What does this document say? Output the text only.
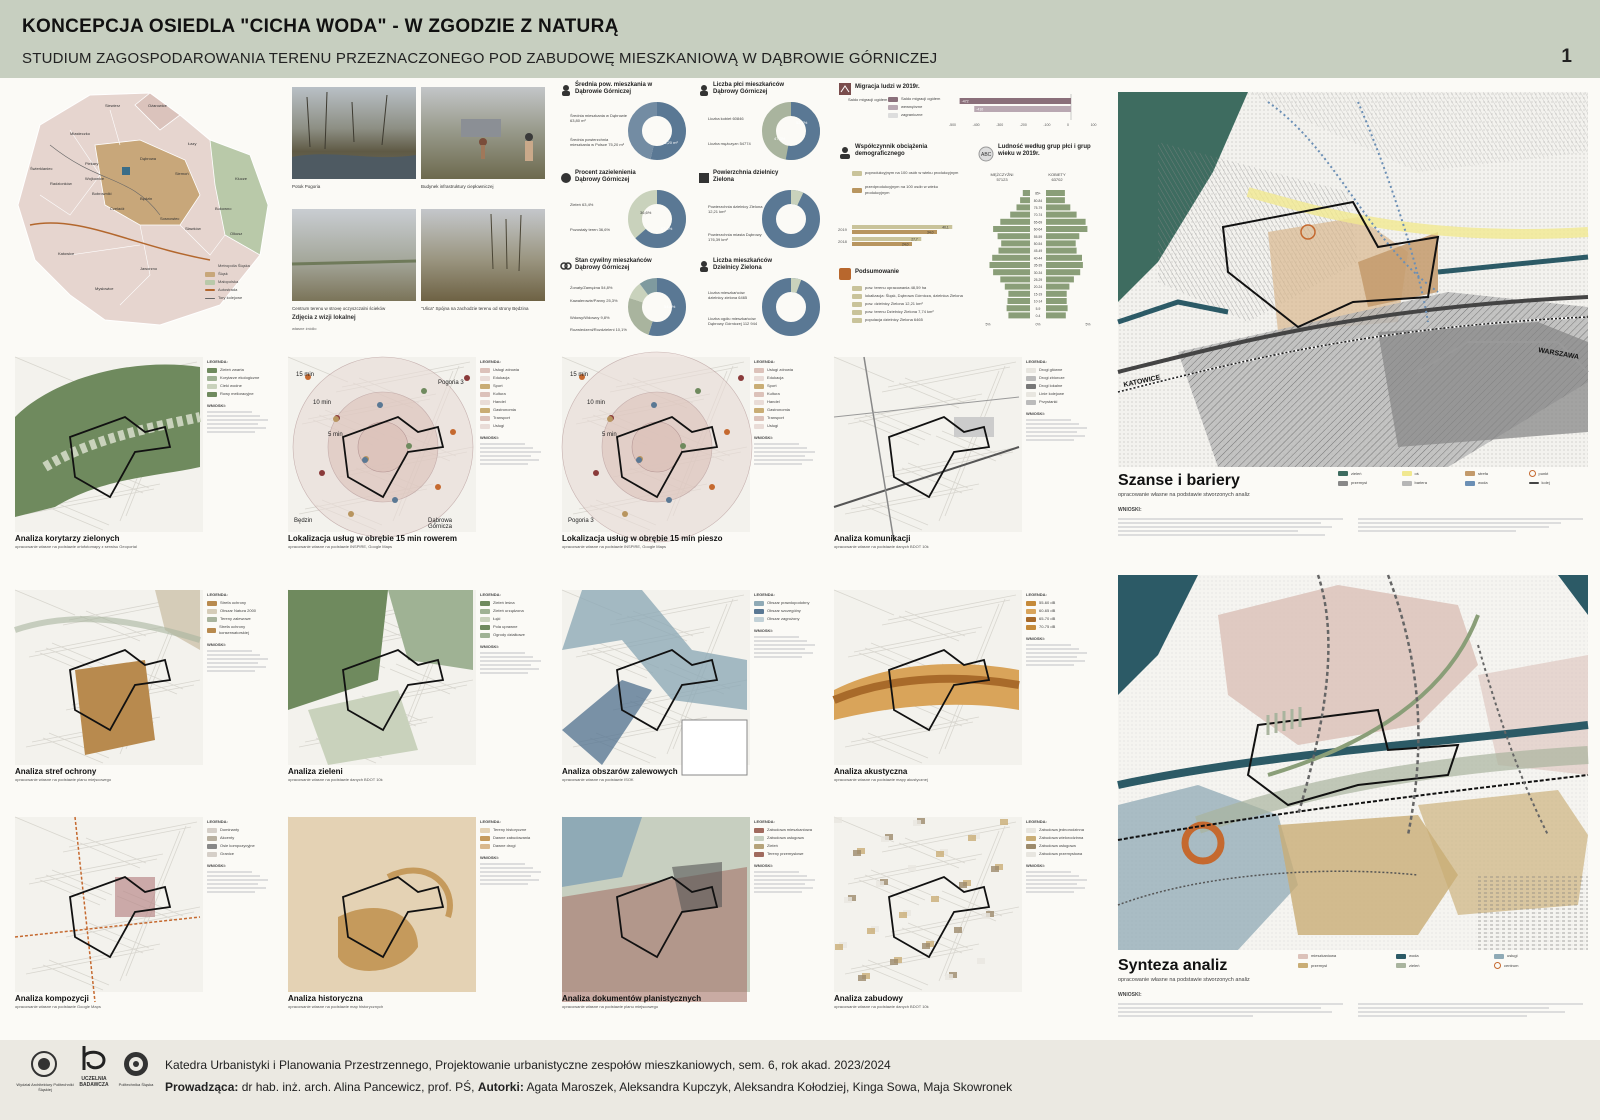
KONCEPCJA OSIEDLA "CICHA WODA" - W ZGODZIE Z NATURĄ
STUDIUM ZAGOSPODAROWANIA TERENU PRZEZNACZONEGO POD ZABUDOWĘ MIESZKANIOWĄ W DĄBROWIE GÓRNICZEJ	1
Siewierz	Ożarowice
Miasteczko
Świerklaniec
Radzionków
Piekary
Wojkowice
Bobrowniki
Czeladź
Będzin
Dąbrowa
Sosnowiec
Katowice
Mysłowice
Jaworzno
Sławków
Bukowno
Olkusz
Klucze
Łazy
Siemoń
Metropolia Śląska
Śląsk
Małopolska
Autostrada
Tory kolejowe
Potok Pogoria	Budynek infrastruktury ciepłowniczej
Centrum terenu w strонę oczyszczalni ścieków	"Ulica" Spójna na zachodzie terenu od strony Będzina
Zdjęcia z wizji lokalnej
własne źródło
Średnia pow. mieszkania w Dąbrowie Górniczej
Średnia mieszkania w Dąbrowie 63,80 m²
Średnia powierzchnia mieszkania w Polsce 75,20 m²	75,20 m²
Liczba płci mieszkańców Dąbrowy Górniczej
Liczba kobiet 60846
Liczba mężczyzn 54774
52,7%
47,3%
Procent zazielenienia Dąbrowy Górniczej
Zieleń 63,4%
Pozostały teren 36,6%	63,4%
36,6%
Powierzchnia dzielnicy Zielona
Powierzchnia dzielnicy Zielona 12,21 km²
Powierzchnia miasta Dąbrowy 176,39 km²
Stan cywilny mieszkańców Dąbrowy Górniczej
Żonaty/Zamężna 54,8%
Kawalerowie/Panny 25,3%
Wdowy/Wdowcy 9,8%
Rozwiedzeni/Rozdzieleni 10,1%
54,8%
Liczba mieszkańców Dzielnicy Zielona
Liczba mieszkańców dzielnicy zielona 6465
Liczba ogółu mieszkańców Dąbrowy Górniczej 112 944
Migracja ludzi w 2019r.
Saldo migracji ogółem	Saldo migracji ogółem
wewnętrzne
zagraniczne
-472
-410
-500	-400	-300	-200	-100	0	100
Współczynnik obciążenia demograficznego
poprodukcyjnym na 100 osób w wieku produkcyjnym
przedprodukcyjnym na 100 osób w wieku produkcyjnym
2019
2018
40,1
34,0
27,7
24,0
Podsumowanie
pow. terenu opracowania 48,59 ha
lokalizacja: Śląsk, Dąbrowa Górnicza, dzielnica Zielona
pow. dzielnicy Zielona 12,21 km²
pow. terenu Dzielnicy Zielona 7,74 km²
populacja dzielnicy Zielona 6465
ABC
Ludność według grup płci i grup wieku w 2019r.
MĘŻCZYŹNI 57123
KOBIETY 63702
85+
80-84
75-79
70-74
65-69
60-64
55-59
50-54
45-49
40-44
35-39
30-34
25-29
20-24
15-19
10-14
5-9
0-4
5%	0%	5%
LEGENDA:
Zieleń zwarta
Korytarze ekologiczne
Cieki wodne
Rowy melioracyjne
WNIOSKI:
Analiza korytarzy zielonych
opracowanie własne na podstawie ortofotomapy z serwisu Geoportal
15 min
10 min
5 min
Będzin	Dąbrowa Górnicza
Pogoria 3
LEGENDA:
Usługi zdrowia
Edukacja
Sport
Kultura
Handel
Gastronomia
Transport
Usługi
WNIOSKI:
Lokalizacja usług w obrębie 15 min rowerem
opracowanie własne na podstawie INSPIRE, Google Maps
15 min
10 min
5 min
Pogoria 3
LEGENDA:
Usługi zdrowia
Edukacja
Sport
Kultura
Handel
Gastronomia
Transport
Usługi
WNIOSKI:
Lokalizacja usług w obrębie 15 min pieszo
opracowanie własne na podstawie INSPIRE, Google Maps
LEGENDA:
Drogi główne
Drogi zbiorcze
Drogi lokalne
Linie kolejowe
Przystanki
WNIOSKI:
Analiza komunikacji
opracowanie własne na podstawie danych BDOT 10k
LEGENDA:
Strefa ochrony
Obszar Natura 2000
Tereny zalewowe
Strefa ochrony konserwatorskiej
WNIOSKI:
Analiza stref ochrony
opracowanie własne na podstawie planu miejscowego
LEGENDA:
Zieleń leśna
Zieleń urządzona
Łąki
Pola uprawne
Ogrody działkowe
WNIOSKI:
Analiza zieleni
opracowanie własne na podstawie danych BDOT 10k
LEGENDA:
Obszar prawdopodobny
Obszar szczególny
Obszar zagrożony
WNIOSKI:
Analiza obszarów zalewowych
opracowanie własne na podstawie ISOK
LEGENDA:
55-60 dB
60-65 dB
65-70 dB
70-75 dB
WNIOSKI:
Analiza akustyczna
opracowanie własne na podstawie mapy akustycznej
LEGENDA:
Dominanty
Akcenty
Osie kompozycyjne
Granice
WNIOSKI:
Analiza kompozycji
opracowanie własne na podstawie Google Maps
LEGENDA:
Tereny historyczne
Dawne zabudowania
Dawne drogi
WNIOSKI:
Analiza historyczna
opracowanie własne na podstawie map historycznych
LEGENDA:
Zabudowa mieszkaniowa
Zabudowa usługowa
Zieleń
Tereny przemysłowe
WNIOSKI:
Analiza dokumentów planistycznych
opracowanie własne na podstawie planu miejscowego
LEGENDA:
Zabudowa jednorodzinna
Zabudowa wielorodzinna
Zabudowa usługowa
Zabudowa przemysłowa
WNIOSKI:
Analiza zabudowy
opracowanie własne na podstawie danych BDOT 10k
KATOWICE
WARSZAWA
Szanse i bariery
opracowanie własne na podstawie stworzonych analiz
zieleń	oś	strefa	punkt
przemysł	bariera	woda	kolej
WNIOSKI:
Synteza analiz
opracowanie własne na podstawie stworzonych analiz
mieszkaniowa	woda	usługi
przemysł	zieleń	centrum
WNIOSKI:
Wydział Architektury Politechniki Śląskiej
UCZELNIA BADAWCZA	Politechnika Śląska
Katedra Urbanistyki i Planowania Przestrzennego, Projektowanie urbanistyczne zespołów mieszkaniowych, sem. 6, rok akad. 2023/2024
Prowadząca: dr hab. inż. arch. Alina Pancewicz, prof. PŚ, Autorki: Agata Maroszek, Aleksandra Kupczyk, Aleksandra Kołodziej, Kinga Sowa, Maja Skowronek
